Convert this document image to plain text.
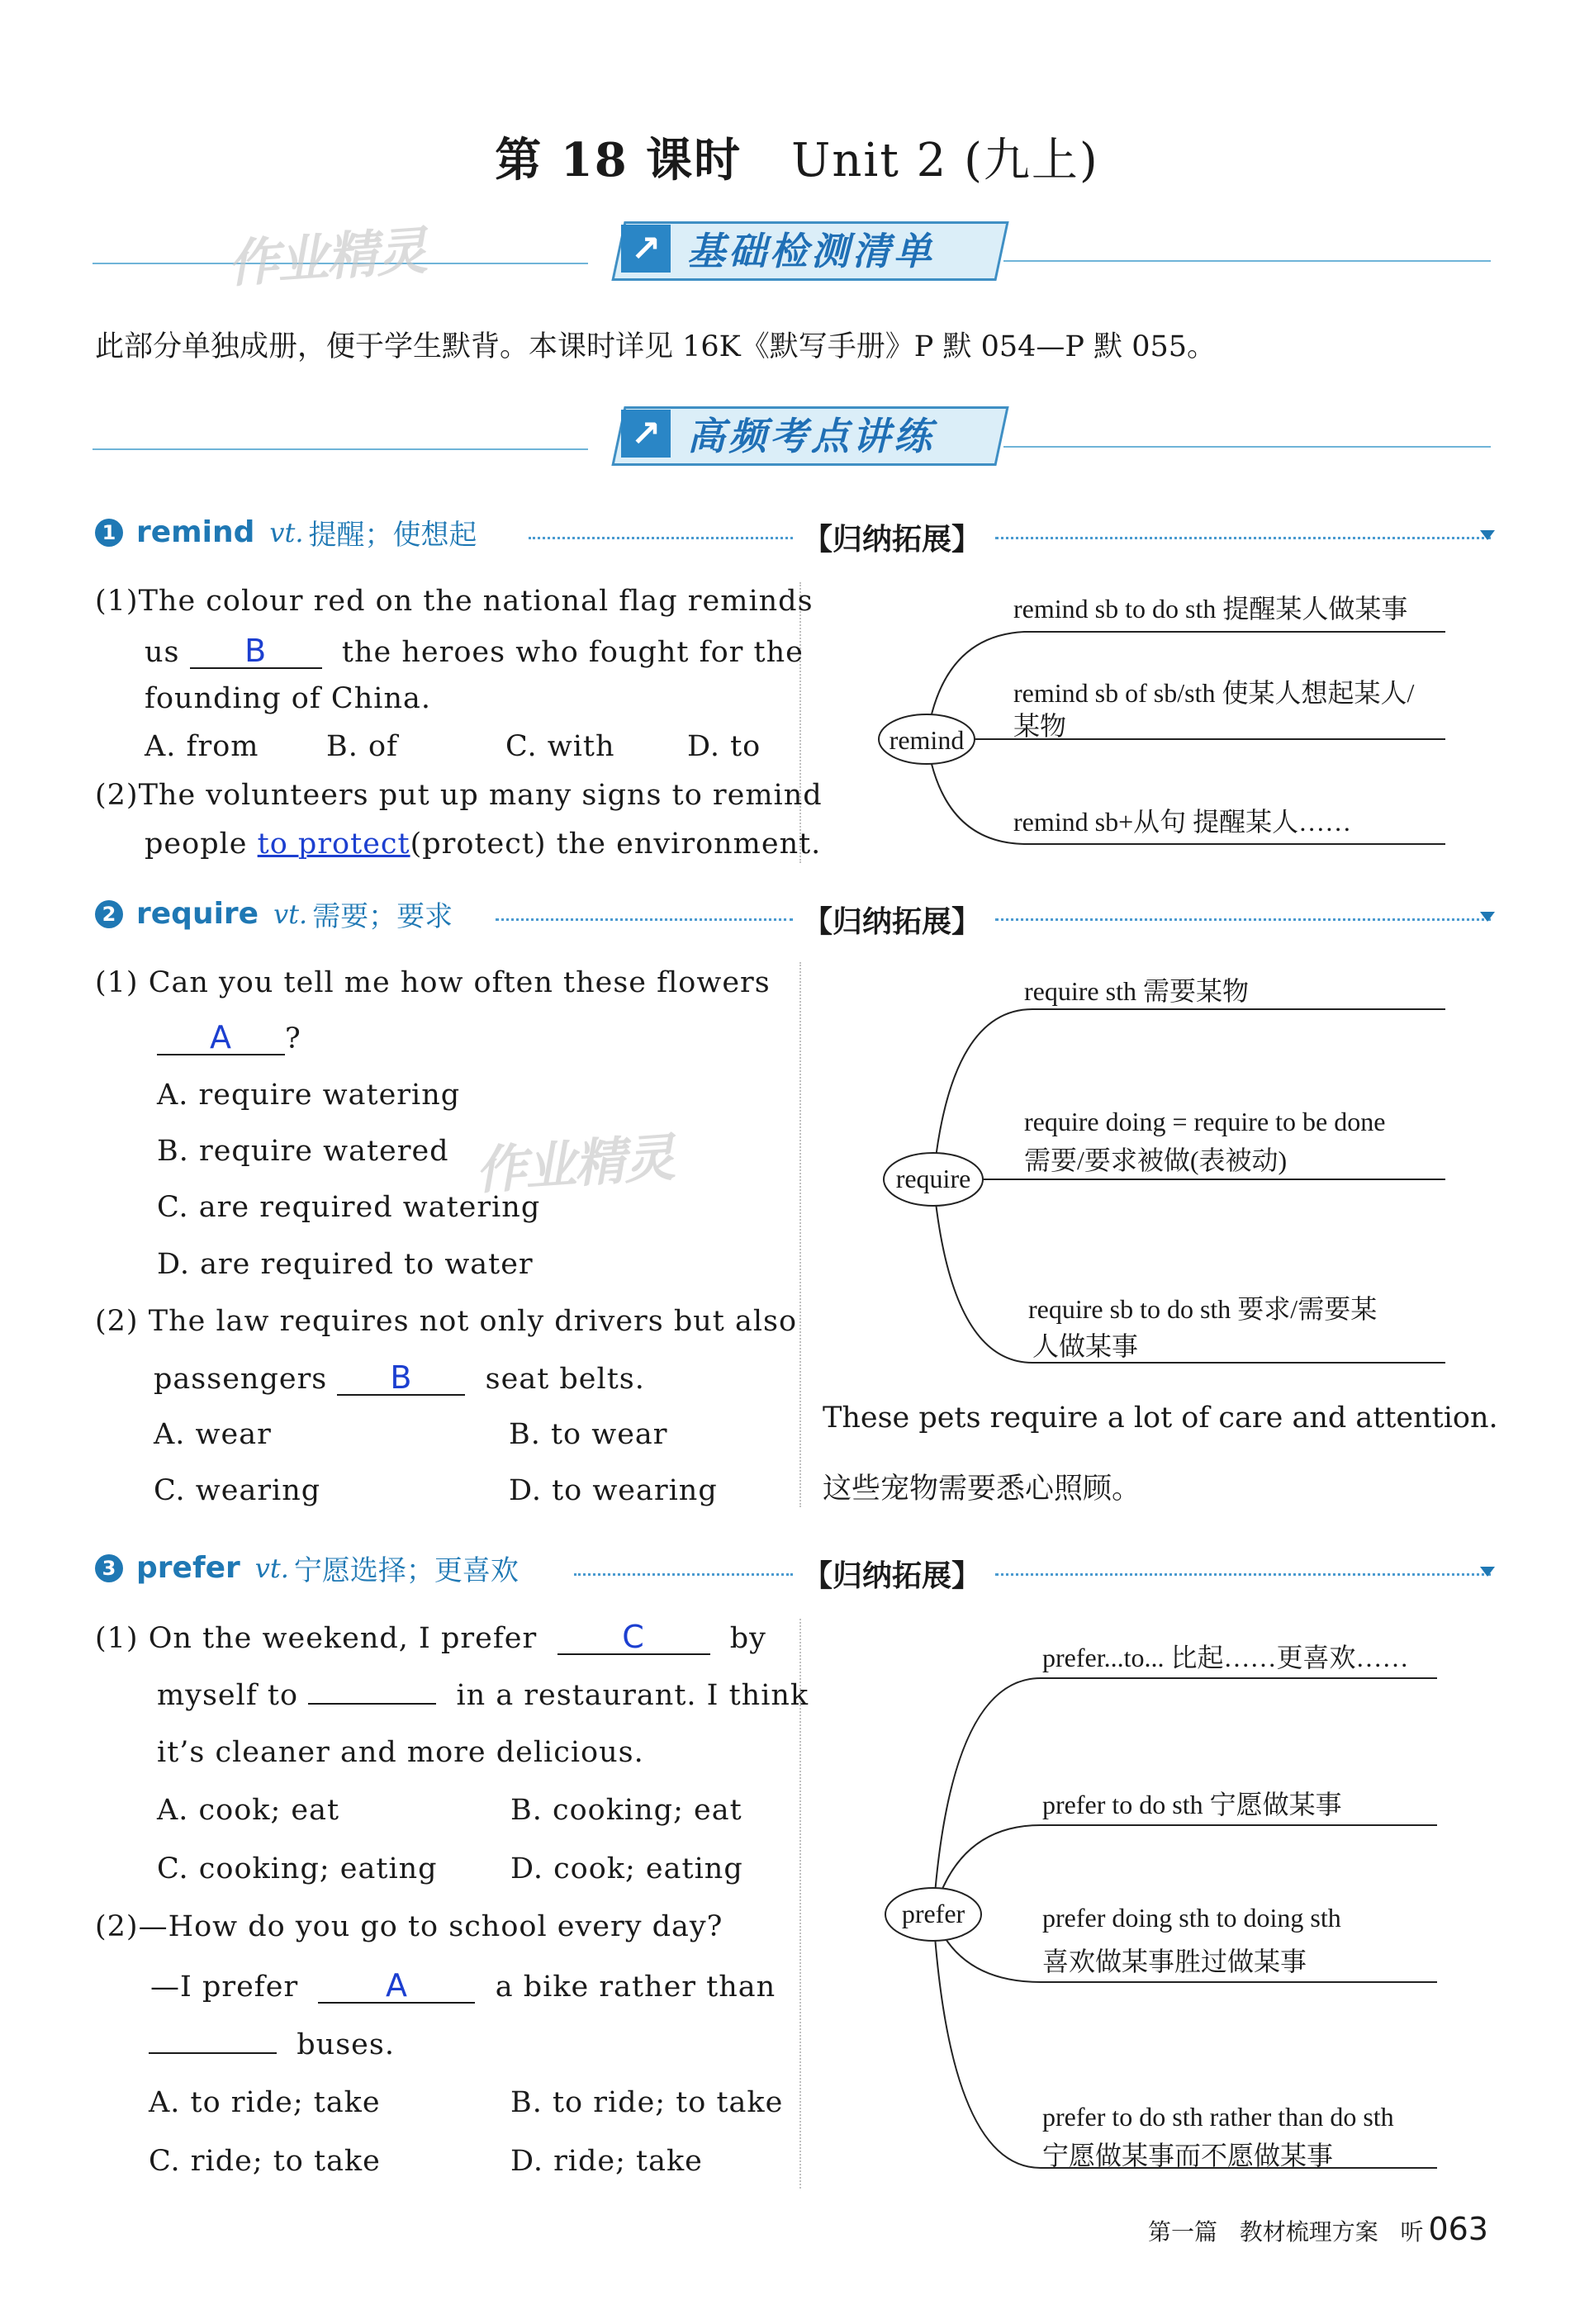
第 18 课时 Unit 2 (九上)
↗ 基础检测清单
作业精灵
此部分单独成册，便于学生默背。本课时详见 16K《默写手册》P 默 054—P 默 055。
↗ 高频考点讲练
1 remind vt. 提醒；使想起	【归纳拓展】
(1)The colour red on the national flag reminds
us B	the heroes who fought for the
founding of China.
A. from B. of	C. with D. to
(2)The volunteers put up many signs to remind
people to protect(protect) the environment.
remind
remind sb to do sth 提醒某人做某事
remind sb of sb/sth 使某人想起某人/
某物
remind sb+从句 提醒某人……
2 require vt. 需要；要求	【归纳拓展】
(1) Can you tell me how often these flowers
A ?
A. require watering
B. require watered
C. are required watering
D. are required to water
(2) The law requires not only drivers but also
passengers B	seat belts.
A. wear	B. to wear
C. wearing	D. to wearing
作业精灵	require
require sth 需要某物
require doing = require to be done
需要/要求被做(表被动)
require sb to do sth 要求/需要某
人做某事
These pets require a lot of care and attention.
这些宠物需要悉心照顾。
3 prefer vt. 宁愿选择；更喜欢	【归纳拓展】
(1) On the weekend, I prefer	C	by
myself to	in a restaurant. I think
it’s cleaner and more delicious.
A. cook; eat	B. cooking; eat
C. cooking; eating	D. cook; eating
(2)—How do you go to school every day?
—I prefer	A	a bike rather than
buses.
A. to ride; take	B. to ride; to take
C. ride; to take	D. ride; take
prefer
prefer...to... 比起……更喜欢……
prefer to do sth 宁愿做某事
prefer doing sth to doing sth
喜欢做某事胜过做某事
prefer to do sth rather than do sth
宁愿做某事而不愿做某事
第一篇 教材梳理方案 听 063
